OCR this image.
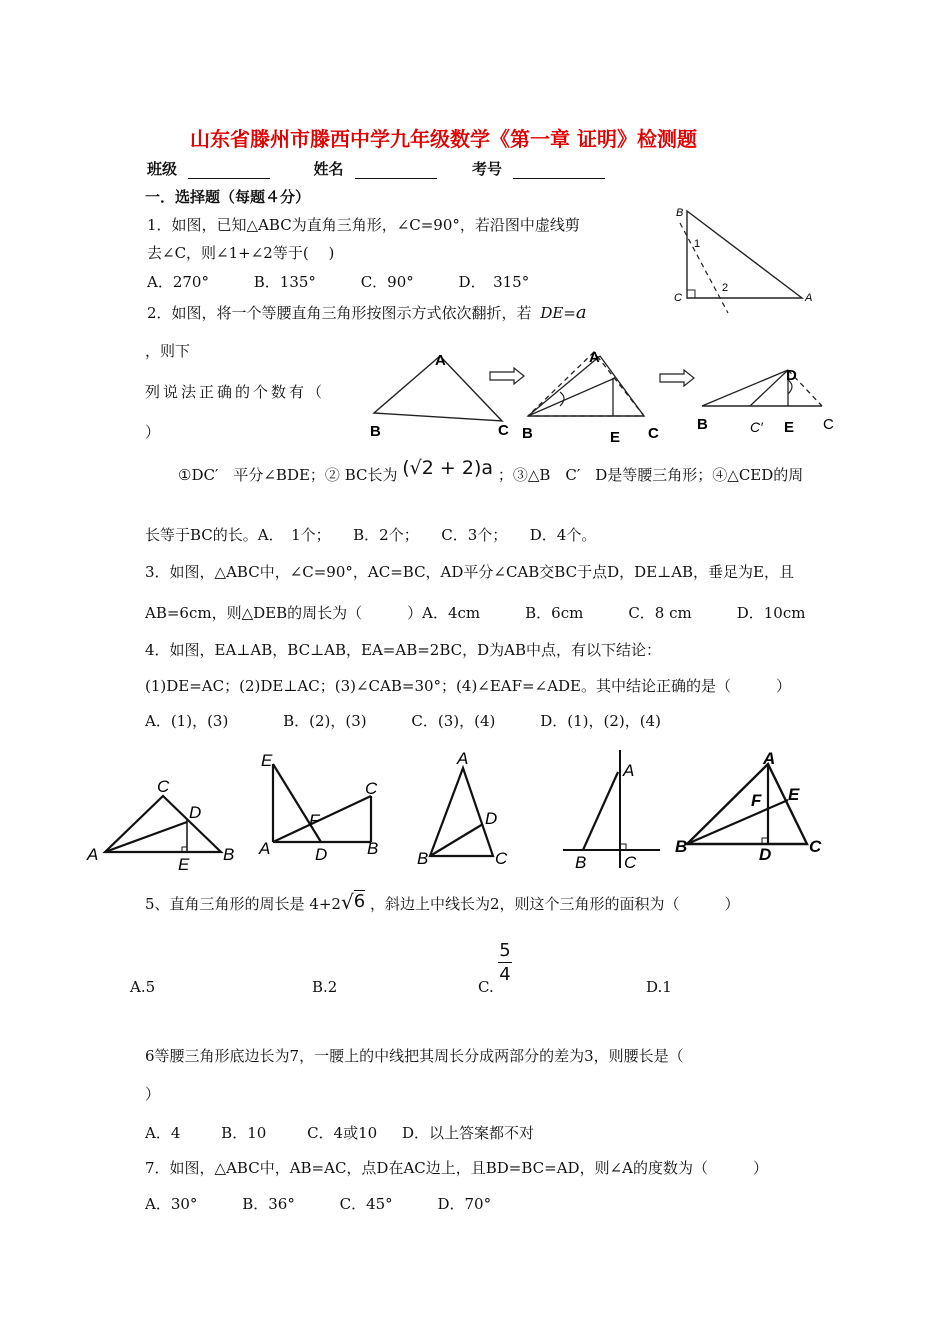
山东省滕州市滕西中学九年级数学《第一章 证明》检测题
班级	姓名	考号
一．选择题（每题４分）
1．如图，已知△ABC为直角三角形，∠C=90°，若沿图中虚线剪
去∠C，则∠1+∠2等于(　 )
A．270°	B．135°	C．90°	D．　315°
B
C	A
1
2
2．如图，将一个等腰直角三角形按图示方式依次翻折，若 DE=a
，则下
列说法正确的个数有（
）
A
B	C
A
B	E C
D
B	C′ E C
①DC′　平分∠BDE；② BC长为 (√2 + 2)a ；③△B　C′　D是等腰三角形；④△CED的周
长等于BC的长。A．　1个；　　B．2个；　　C．3个；　　D．4个。
3．如图，△ABC中，∠C=90°，AC=BC，AD平分∠CAB交BC于点D，DE⊥AB，垂足为E，且
AB=6cm，则△DEB的周长为（　　　）A．4cm　　　B．6cm　　　C．8 cm　　　D．10cm
4．如图，EA⊥AB，BC⊥AB，EA=AB=2BC，D为AB中点，有以下结论：
(1)DE=AC；(2)DE⊥AC；(3)∠CAB=30°；(4)∠EAF=∠ADE。其中结论正确的是（　　　）
A．(1)，(3)	B．(2)，(3)	C．(3)，(4)	D．(1)，(2)，(4)
C
D
A
E
B
E
C
F
A	D B
A
D
B	C
A
B C
A
F E
B	D C
5、直角三角形的周长是 4+2√6 ，斜边上中线长为2，则这个三角形的面积为（　　　）
A.5	B.2	C. $\frac{5}{4}$	D.1
6等腰三角形底边长为7，一腰上的中线把其周长分成两部分的差为3，则腰长是（
）
A．4	B．10	C．4或10 D．以上答案都不对
7．如图，△ABC中，AB=AC，点D在AC边上，且BD=BC=AD，则∠A的度数为（　　　）
A．30°	B．36°	C．45°	D．70°
